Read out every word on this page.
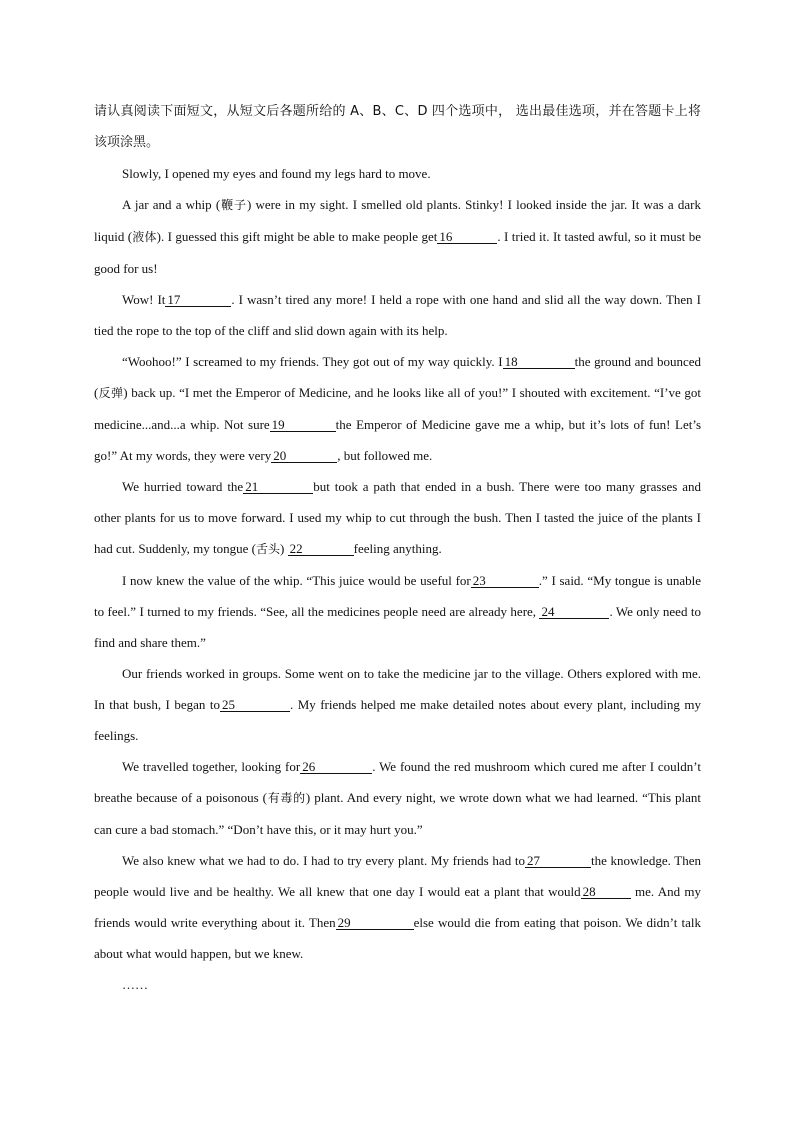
请认真阅读下面短文，从短文后各题所给的 A、B、C、D 四个选项中， 选出最佳选项，并在答题卡上将该项涂黑。

Slowly, I opened my eyes and found my legs hard to move.

A jar and a whip (鞭子) were in my sight. I smelled old plants. Stinky! I looked inside the jar. It was a dark liquid (液体). I guessed this gift might be able to make people get 16	. I tried it. It tasted awful, so it must be good for us!

Wow! It 17	. I wasn’t tired any more! I held a rope with one hand and slid all the way down. Then I tied the rope to the top of the cliff and slid down again with its help.

“Woohoo!” I screamed to my friends. They got out of my way quickly. I 18	the ground and bounced (反弹) back up. “I met the Emperor of Medicine, and he looks like all of you!” I shouted with excitement. “I’ve got medicine...and...a whip. Not sure 19	the Emperor of Medicine gave me a whip, but it’s lots of fun! Let’s go!” At my words, they were very 20	, but followed me.

We hurried toward the 21	but took a path that ended in a bush. There were too many grasses and other plants for us to move forward. I used my whip to cut through the bush. Then I tasted the juice of the plants I had cut. Suddenly, my tongue (舌头) 22	feeling anything.

I now knew the value of the whip. “This juice would be useful for 23	.” I said. “My tongue is unable to feel.” I turned to my friends. “See, all the medicines people need are already here, 24	. We only need to find and share them.”

Our friends worked in groups. Some went on to take the medicine jar to the village. Others explored with me. In that bush, I began to 25	. My friends helped me make detailed notes about every plant, including my feelings.

We travelled together, looking for 26	. We found the red mushroom which cured me after I couldn’t breathe because of a poisonous (有毒的) plant. And every night, we wrote down what we had learned. “This plant can cure a bad stomach.” “Don’t have this, or it may hurt you.”

We also knew what we had to do. I had to try every plant. My friends had to 27	the knowledge. Then people would live and be healthy. We all knew that one day I would eat a plant that would 28	me. And my friends would write everything about it. Then 29	else would die from eating that poison. We didn’t talk about what would happen, but we knew.

……
